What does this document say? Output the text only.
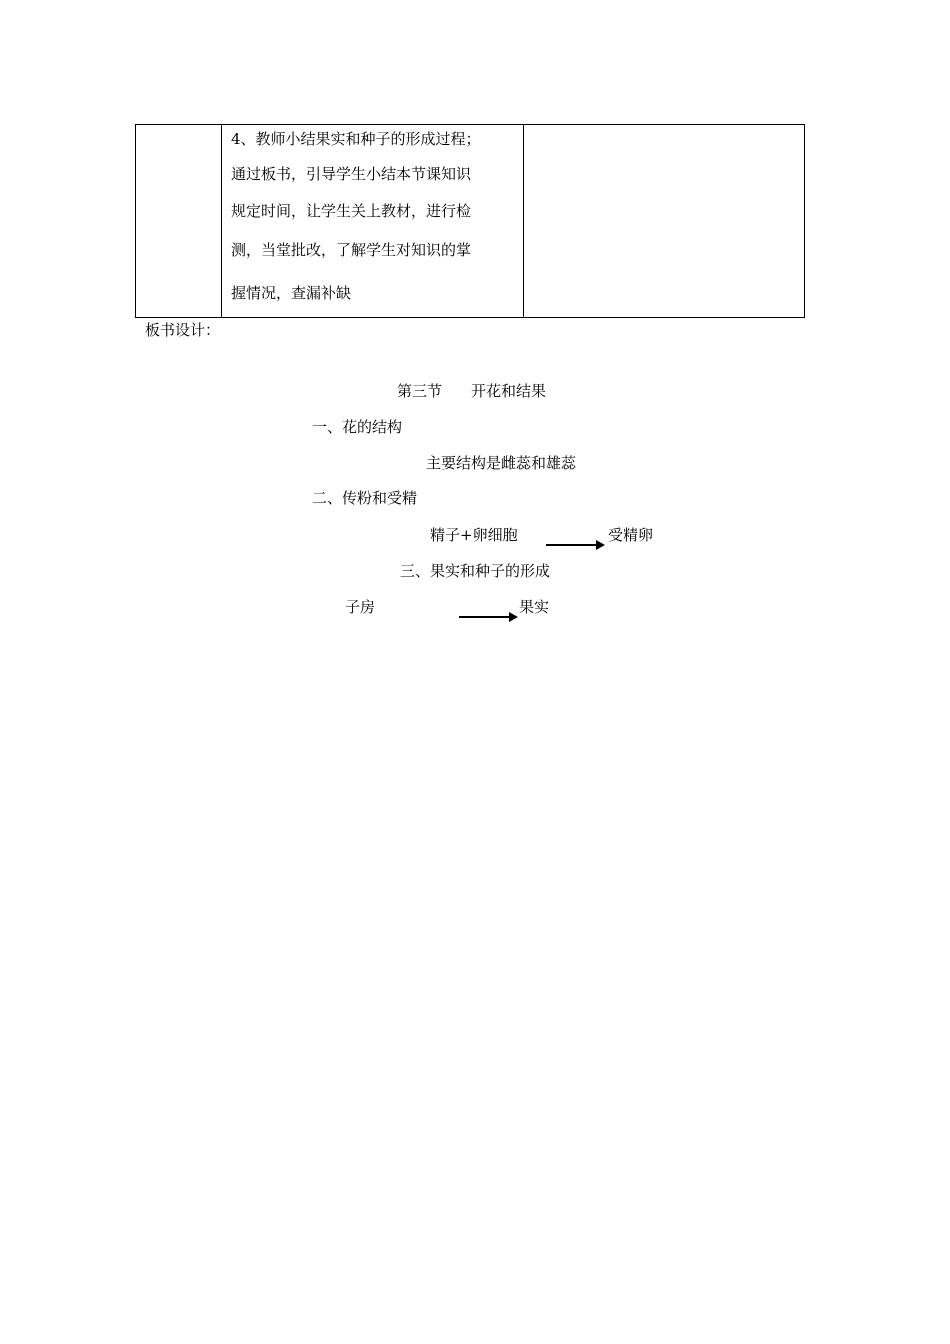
4、教师小结果实和种子的形成过程；
通过板书，引导学生小结本节课知识
规定时间，让学生关上教材，进行检
测，当堂批改，了解学生对知识的掌
握情况，查漏补缺
板书设计：
第三节 开花和结果
一、花的结构
主要结构是雌蕊和雄蕊
二、传粉和受精
精子+卵细胞	受精卵
三、果实和种子的形成
子房	果实
